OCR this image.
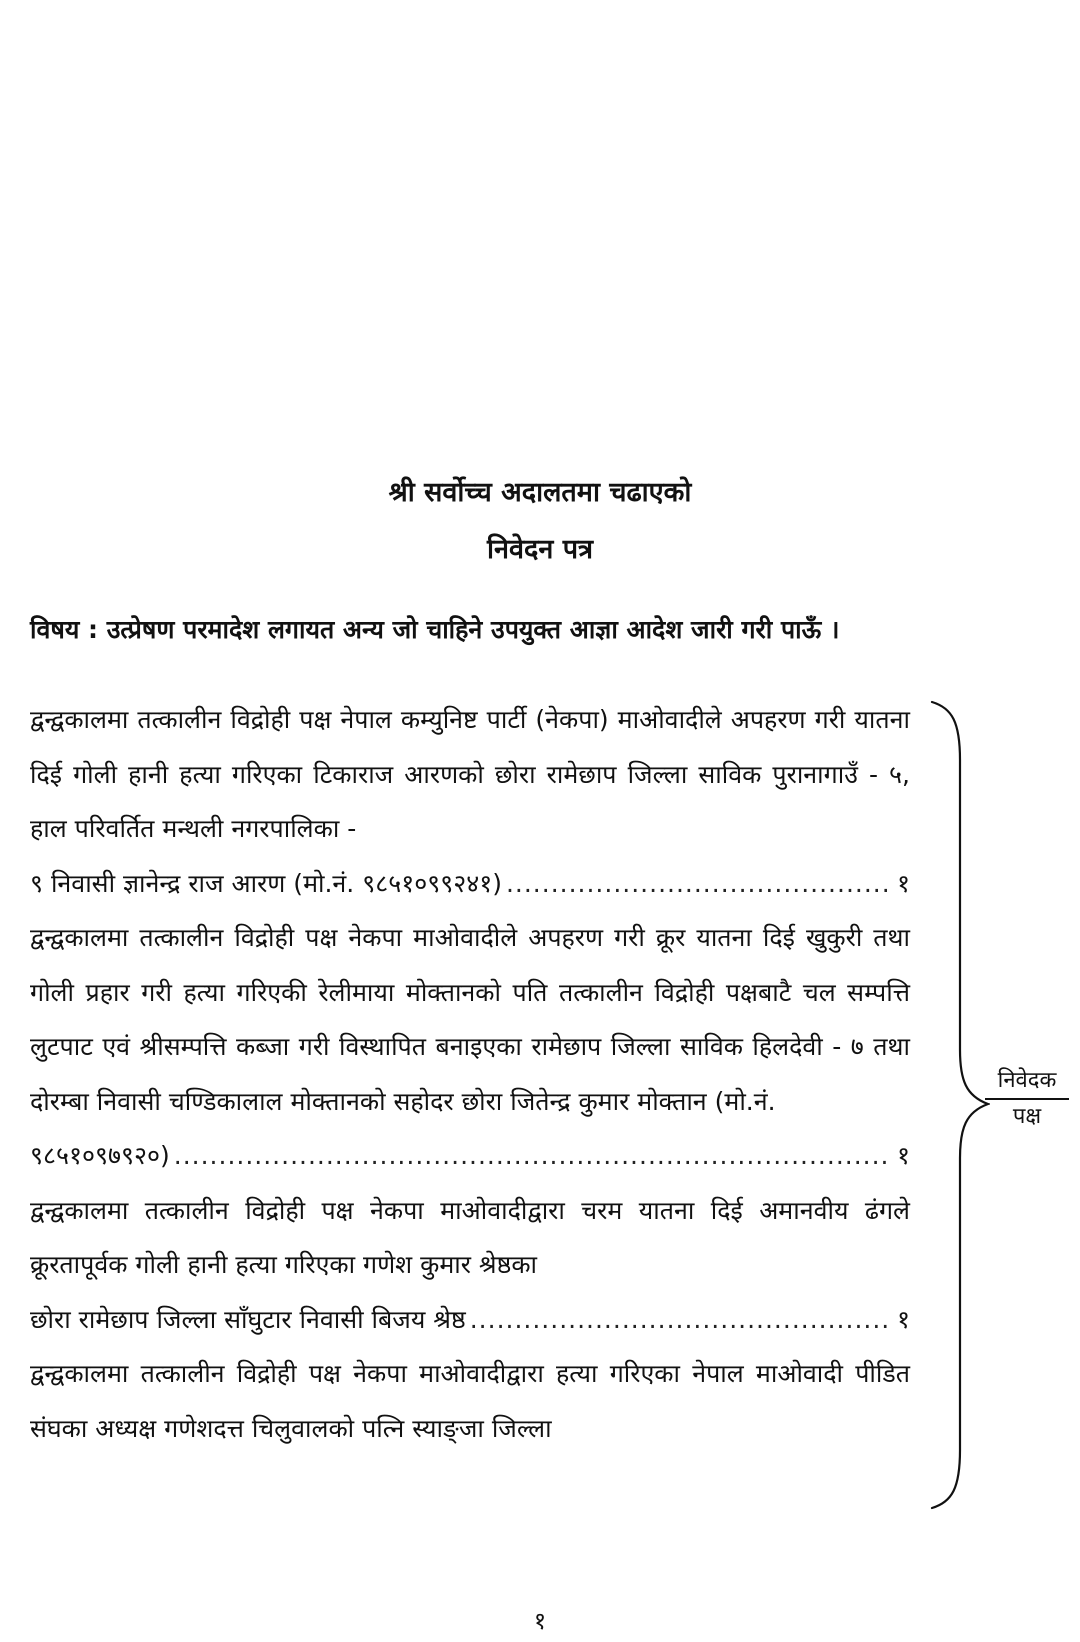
श्री सर्वोच्च अदालतमा चढाएको
निवेदन पत्र
विषय : उत्प्रेषण परमादेश लगायत अन्य जो चाहिने उपयुक्त आज्ञा आदेश जारी गरी पाऊँ ।
द्वन्द्वकालमा तत्कालीन विद्रोही पक्ष नेपाल कम्युनिष्ट पार्टी (नेकपा) माओवादीले अपहरण गरी यातना दिई गोली हानी हत्या गरिएका टिकाराज आरणको छोरा रामेछाप जिल्ला साविक पुरानागाउँ - ५, हाल परिवर्तित मन्थली नगरपालिका -
९ निवासी ज्ञानेन्द्र राज आरण (मो.नं. ९८५१०९९२४१) .....	१
द्वन्द्वकालमा तत्कालीन विद्रोही पक्ष नेकपा माओवादीले अपहरण गरी क्रूर यातना दिई खुकुरी तथा गोली प्रहार गरी हत्या गरिएकी रेलीमाया मोक्तानको पति तत्कालीन विद्रोही पक्षबाटै चल सम्पत्ति लुटपाट एवं श्रीसम्पत्ति कब्जा गरी विस्थापित बनाइएका रामेछाप जिल्ला साविक हिलदेवी - ७ तथा दोरम्बा निवासी चण्डिकालाल मोक्तानको सहोदर छोरा जितेन्द्र कुमार मोक्तान (मो.नं.
९८५१०९७९२०) .....	१
द्वन्द्वकालमा तत्कालीन विद्रोही पक्ष नेकपा माओवादीद्वारा चरम यातना दिई अमानवीय ढंगले क्रूरतापूर्वक गोली हानी हत्या गरिएका गणेश कुमार श्रेष्ठका
छोरा रामेछाप जिल्ला साँघुटार निवासी बिजय श्रेष्ठ .....	१
द्वन्द्वकालमा तत्कालीन विद्रोही पक्ष नेकपा माओवादीद्वारा हत्या गरिएका नेपाल माओवादी पीडित संघका अध्यक्ष गणेशदत्त चिलुवालको पत्नि स्याङ्जा जिल्ला
निवेदक
पक्ष
१
